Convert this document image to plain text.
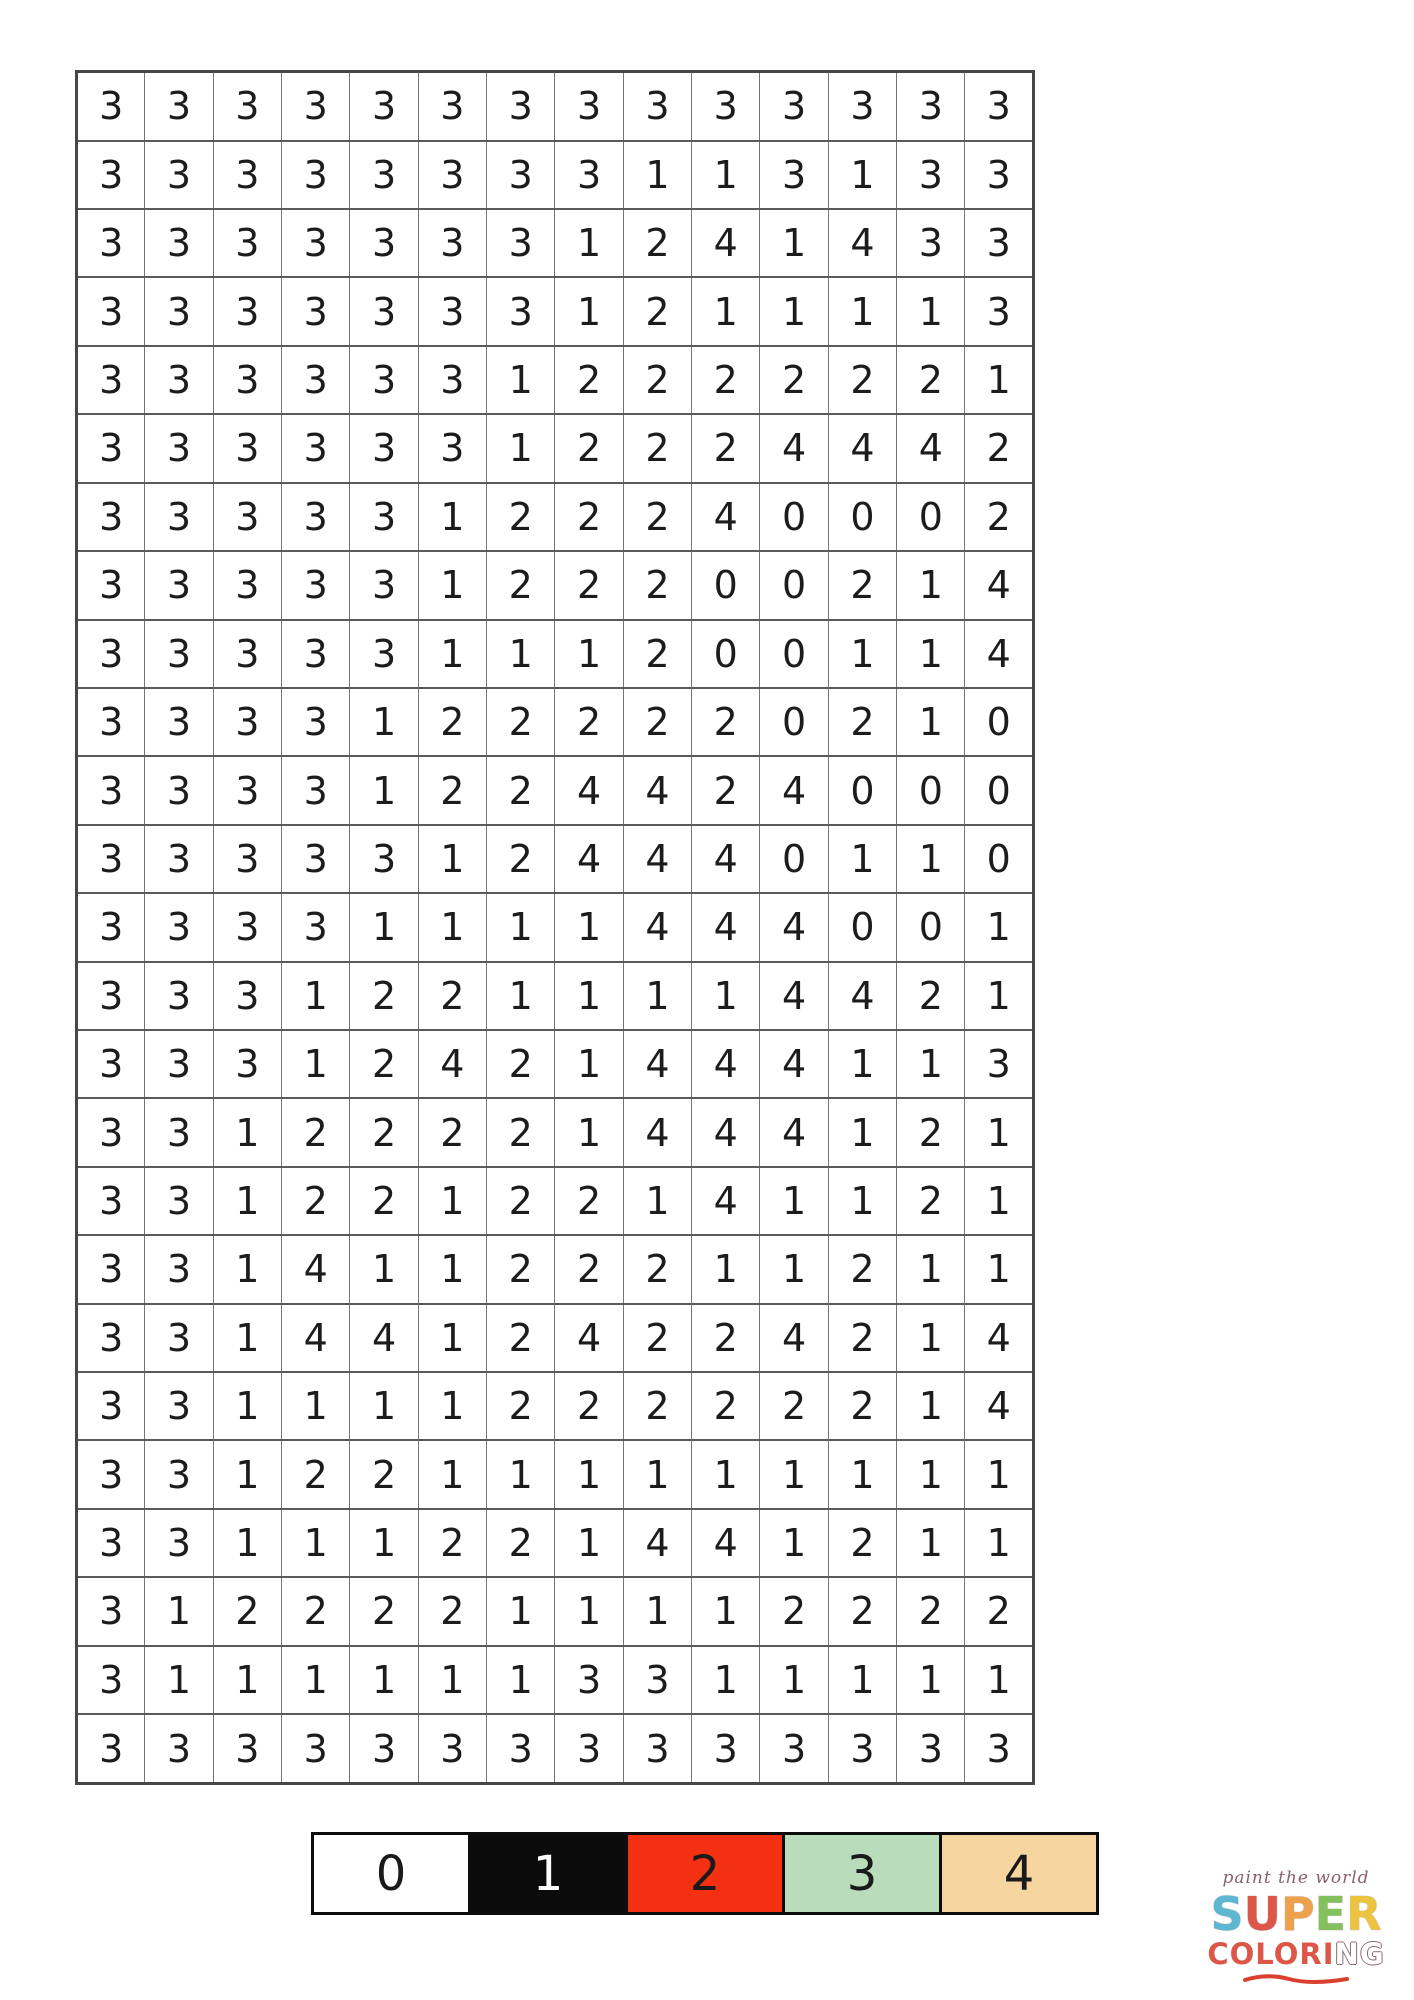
3	3	3	3	3	3	3	3	3	3	3	3	3	3
3	3	3	3	3	3	3	3	1	1	3	1	3	3
3	3	3	3	3	3	3	1	2	4	1	4	3	3
3	3	3	3	3	3	3	1	2	1	1	1	1	3
3	3	3	3	3	3	1	2	2	2	2	2	2	1
3	3	3	3	3	3	1	2	2	2	4	4	4	2
3	3	3	3	3	1	2	2	2	4	0	0	0	2
3	3	3	3	3	1	2	2	2	0	0	2	1	4
3	3	3	3	3	1	1	1	2	0	0	1	1	4
3	3	3	3	1	2	2	2	2	2	0	2	1	0
3	3	3	3	1	2	2	4	4	2	4	0	0	0
3	3	3	3	3	1	2	4	4	4	0	1	1	0
3	3	3	3	1	1	1	1	4	4	4	0	0	1
3	3	3	1	2	2	1	1	1	1	4	4	2	1
3	3	3	1	2	4	2	1	4	4	4	1	1	3
3	3	1	2	2	2	2	1	4	4	4	1	2	1
3	3	1	2	2	1	2	2	1	4	1	1	2	1
3	3	1	4	1	1	2	2	2	1	1	2	1	1
3	3	1	4	4	1	2	4	2	2	4	2	1	4
3	3	1	1	1	1	2	2	2	2	2	2	1	4
3	3	1	2	2	1	1	1	1	1	1	1	1	1
3	3	1	1	1	2	2	1	4	4	1	2	1	1
3	1	2	2	2	2	1	1	1	1	2	2	2	2
3	1	1	1	1	1	1	3	3	1	1	1	1	1
3	3	3	3	3	3	3	3	3	3	3	3	3	3
0	1	2	3	4	paint the world
SUPER
COLORING
